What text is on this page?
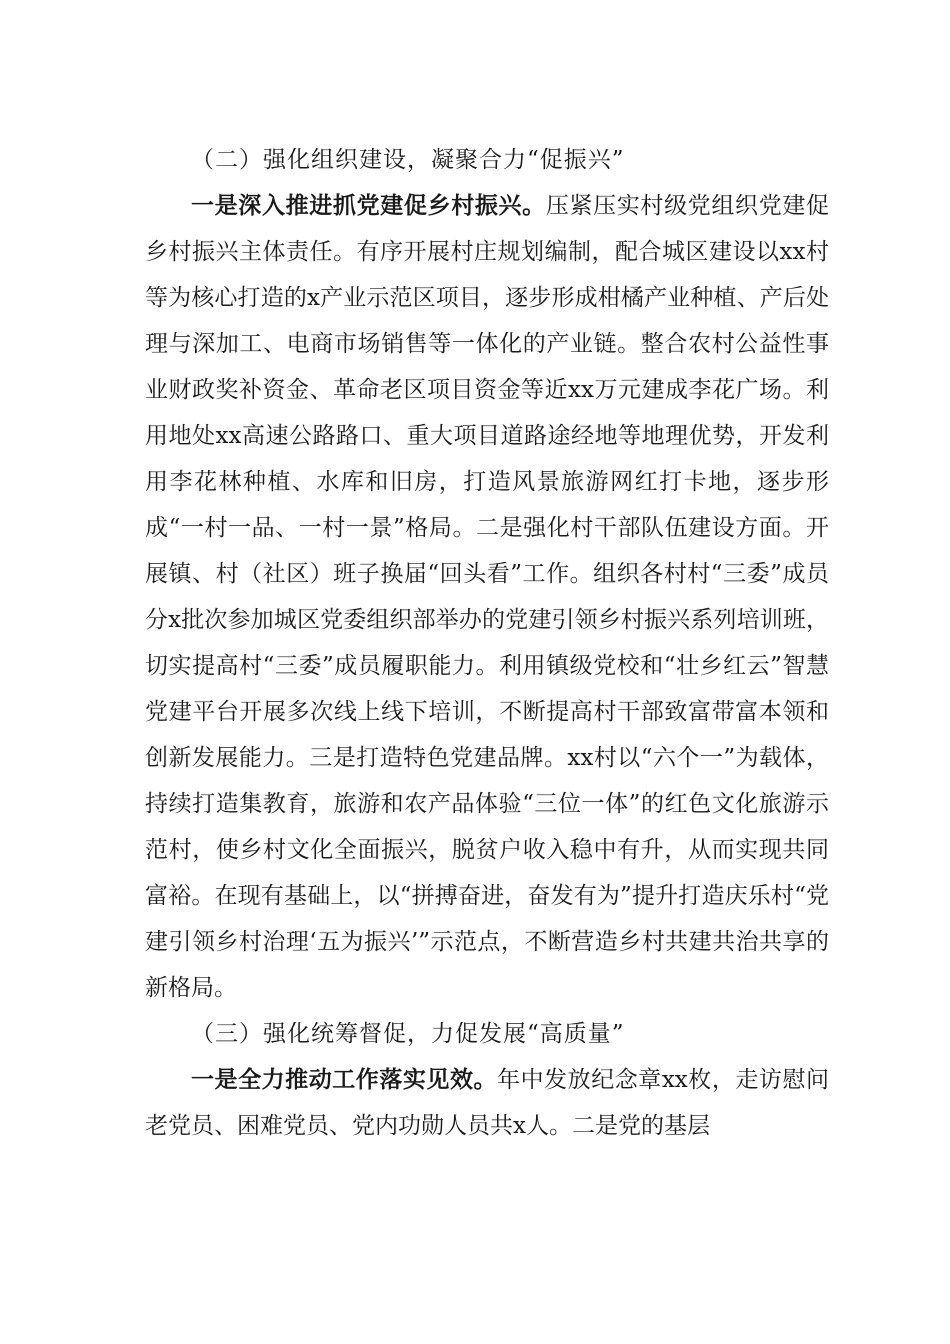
（二）强化组织建设，凝聚合力“促振兴”

一是深入推进抓党建促乡村振兴。压紧压实村级党组织党建促乡村振兴主体责任。有序开展村庄规划编制，配合城区建设以xx村等为核心打造的x产业示范区项目，逐步形成柑橘产业种植、产后处理与深加工、电商市场销售等一体化的产业链。整合农村公益性事业财政奖补资金、革命老区项目资金等近xx万元建成李花广场。利用地处xx高速公路路口、重大项目道路途经地等地理优势，开发利用李花林种植、水库和旧房，打造风景旅游网红打卡地，逐步形成“一村一品、一村一景”格局。二是强化村干部队伍建设方面。开展镇、村（社区）班子换届“回头看”工作。组织各村村“三委”成员分x批次参加城区党委组织部举办的党建引领乡村振兴系列培训班，切实提高村“三委”成员履职能力。利用镇级党校和“壮乡红云”智慧党建平台开展多次线上线下培训，不断提高村干部致富带富本领和创新发展能力。三是打造特色党建品牌。xx村以“六个一”为载体，持续打造集教育，旅游和农产品体验“三位一体”的红色文化旅游示范村，使乡村文化全面振兴，脱贫户收入稳中有升，从而实现共同富裕。在现有基础上，以“拼搏奋进，奋发有为”提升打造庆乐村“党建引领乡村治理‘五为振兴’”示范点，不断营造乡村共建共治共享的新格局。

（三）强化统筹督促，力促发展“高质量”

一是全力推动工作落实见效。年中发放纪念章xx枚，走访慰问老党员、困难党员、党内功勋人员共x人。二是党的基层
